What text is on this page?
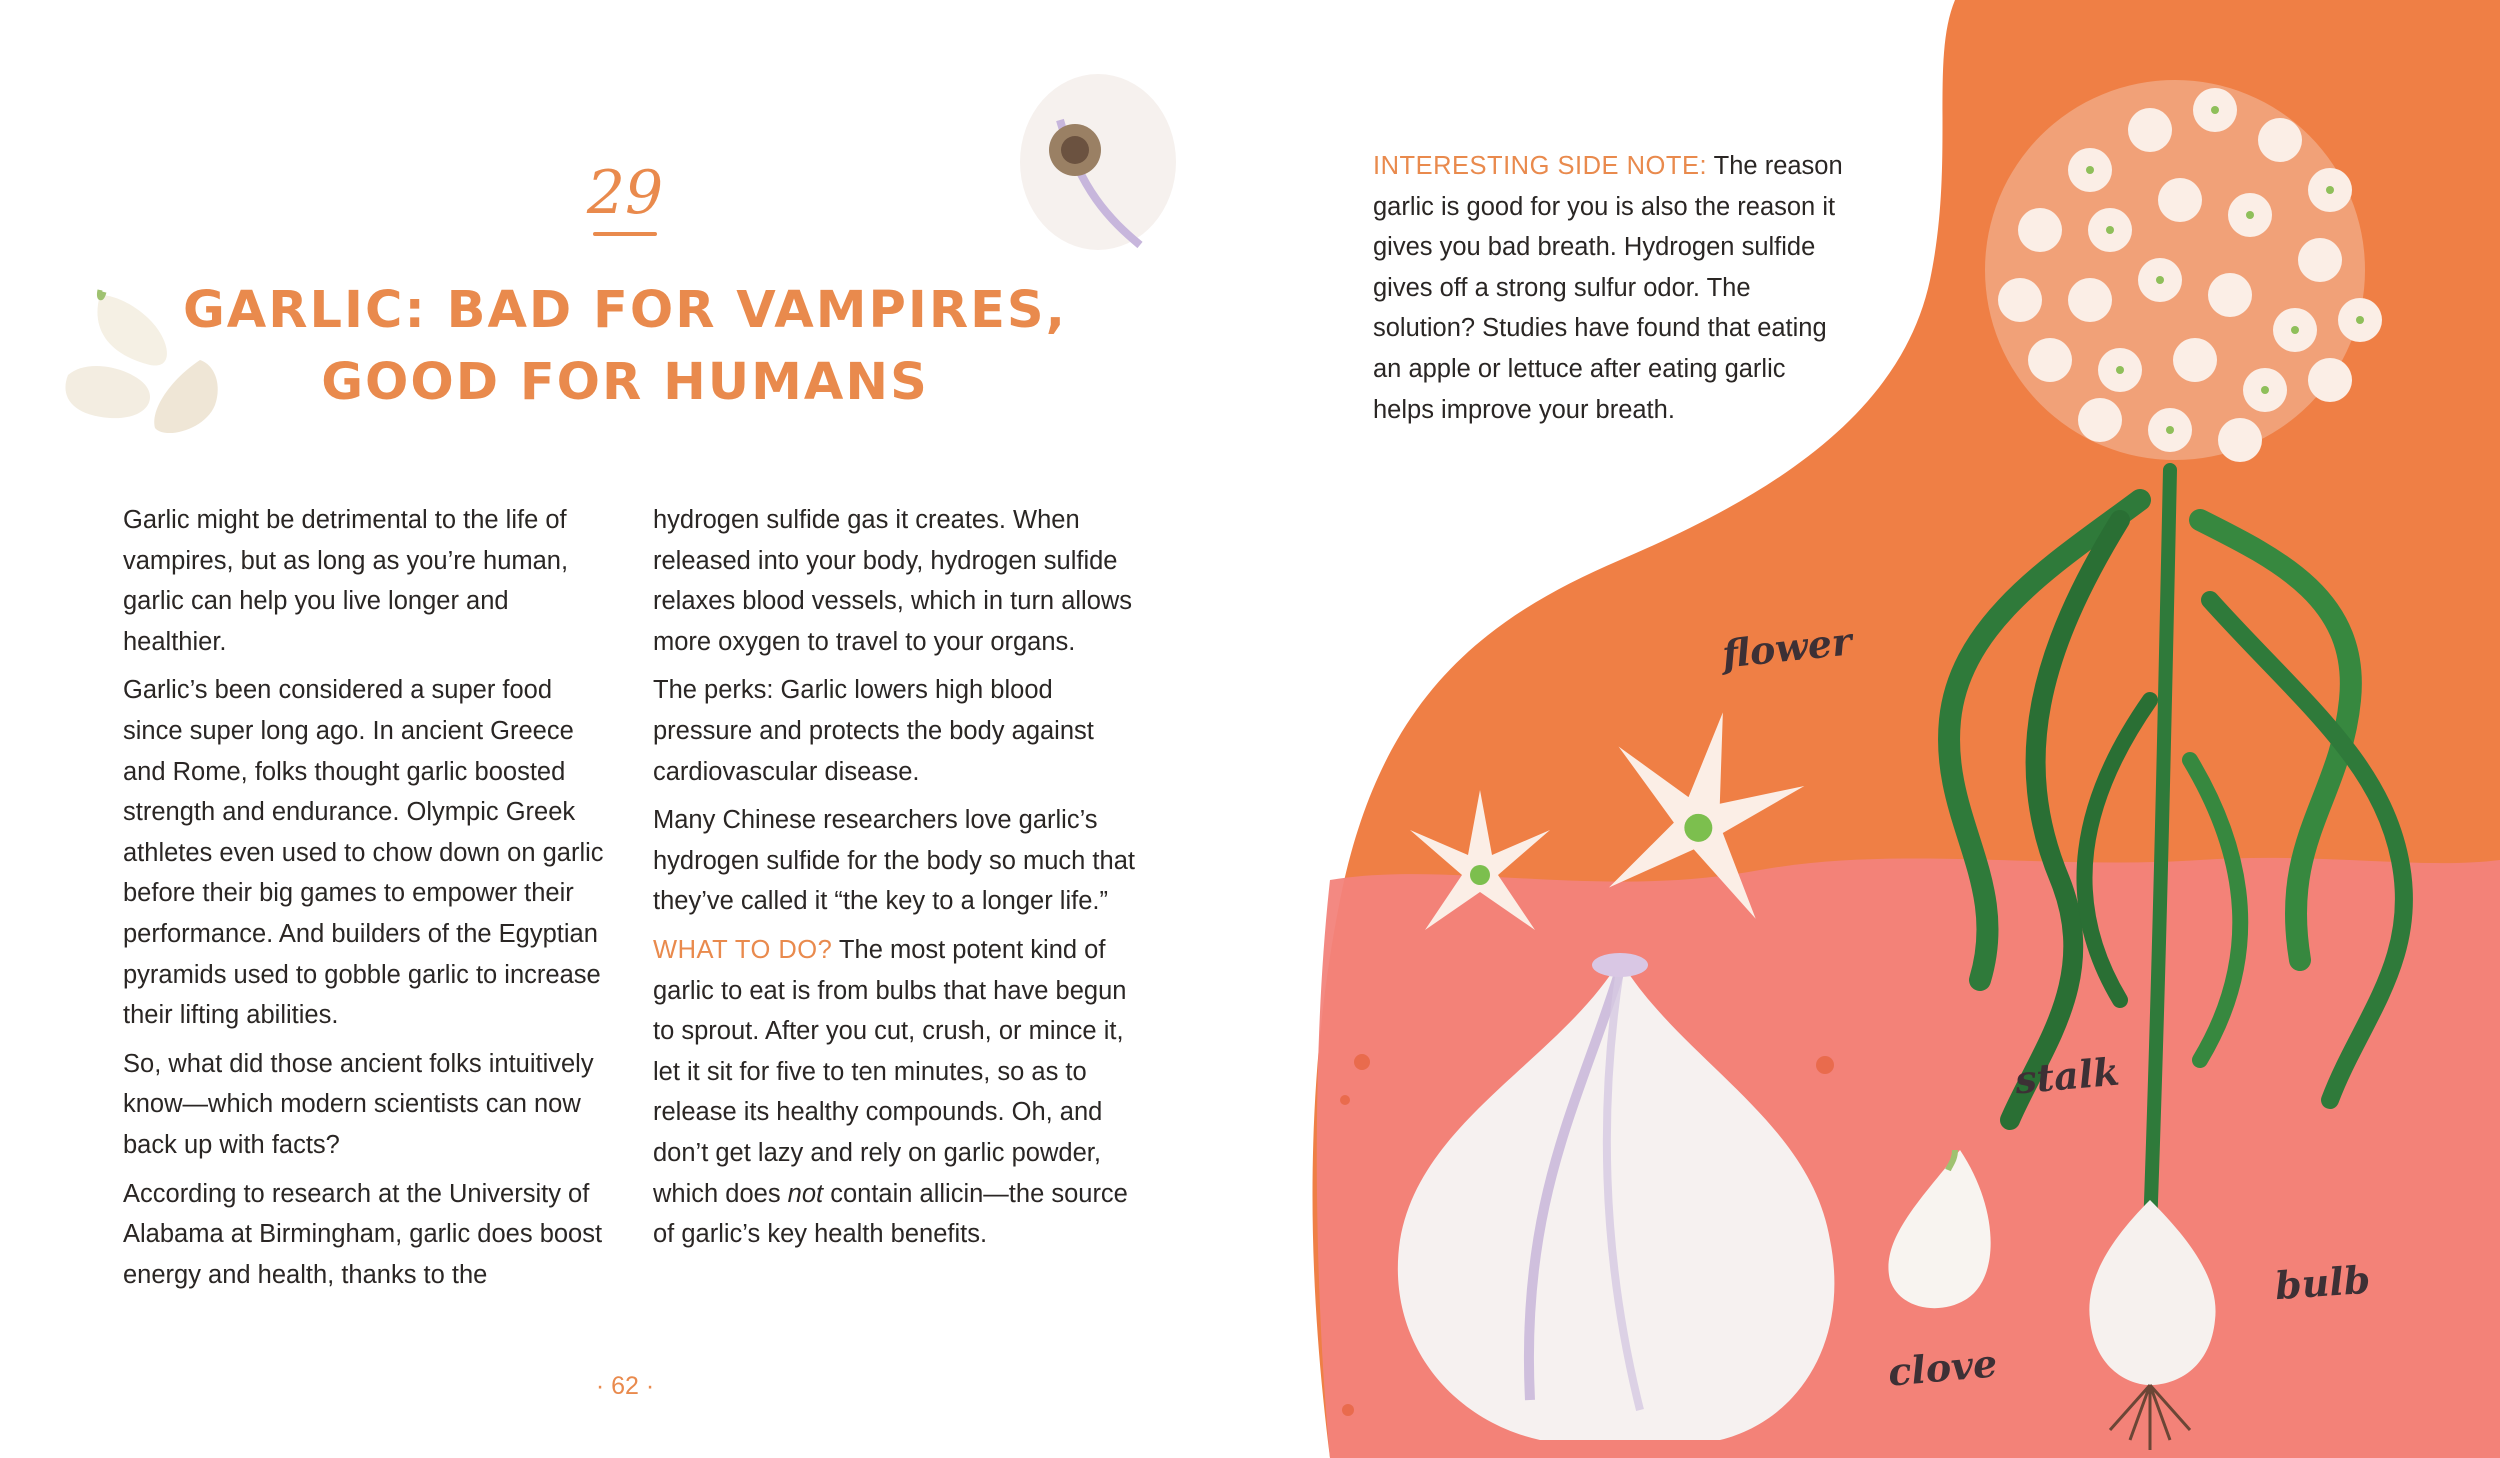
flower
stalk
bulb
clove
29
GARLIC: BAD FOR VAMPIRES,
GOOD FOR HUMANS

Garlic might be detrimental to the life of vampires, but as long as you’re human, garlic can help you live longer and healthier.

Garlic’s been considered a super food since super long ago. In ancient Greece and Rome, folks thought garlic boosted strength and endurance. Olympic Greek athletes even used to chow down on garlic before their big games to empower their performance. And builders of the Egyptian pyramids used to gobble garlic to increase their lifting abilities.

So, what did those ancient folks intuitively know—which modern scientists can now back up with facts?

According to research at the University of Alabama at Birmingham, garlic does boost energy and health, thanks to the

hydrogen sulfide gas it creates. When released into your body, hydrogen sulfide relaxes blood vessels, which in turn allows more oxygen to travel to your organs.

The perks: Garlic lowers high blood pressure and protects the body against cardiovascular disease.

Many Chinese researchers love garlic’s hydrogen sulfide for the body so much that they’ve called it “the key to a longer life.”

WHAT TO DO? The most potent kind of garlic to eat is from bulbs that have begun to sprout. After you cut, crush, or mince it, let it sit for five to ten minutes, so as to release its healthy compounds. Oh, and don’t get lazy and rely on garlic powder, which does not contain allicin—the source of garlic’s key health benefits.

· 62 ·
INTERESTING SIDE NOTE: The reason garlic is good for you is also the reason it gives you bad breath. Hydrogen sulfide gives off a strong sulfur odor. The solution? Studies have found that eating an apple or lettuce after eating garlic helps improve your breath.
